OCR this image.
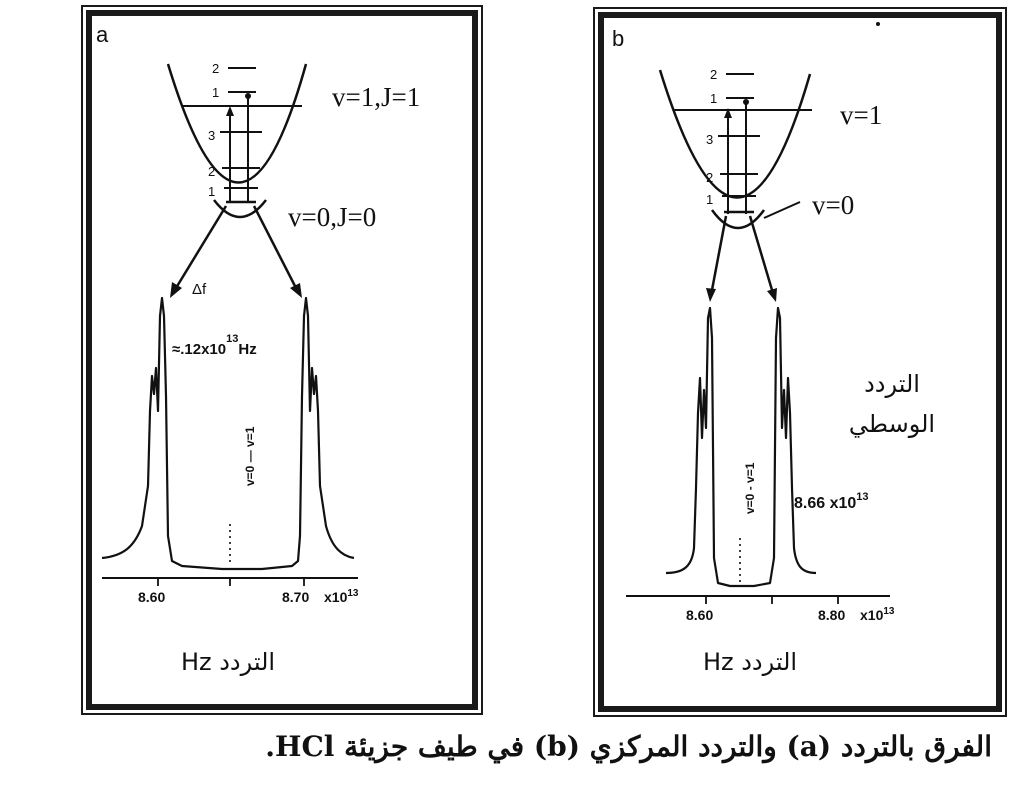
a
2
1
3
2
1
v=1,J=1
v=0,J=0
Δf
$\approx.12x10^{13}Hz$
v=0 — v=1
8.60	8.70 $x10^{13}$
التردد Hz
b
2
1
3
2
1
v=1
v=0
v=0 - v=1
التردد
الوسطي
8.66 $x10^{13}$
8.60	8.80 $x10^{13}$
التردد Hz
الفرق بالتردد (a) والتردد المركزي (b) في طيف جزيئة HCl.
